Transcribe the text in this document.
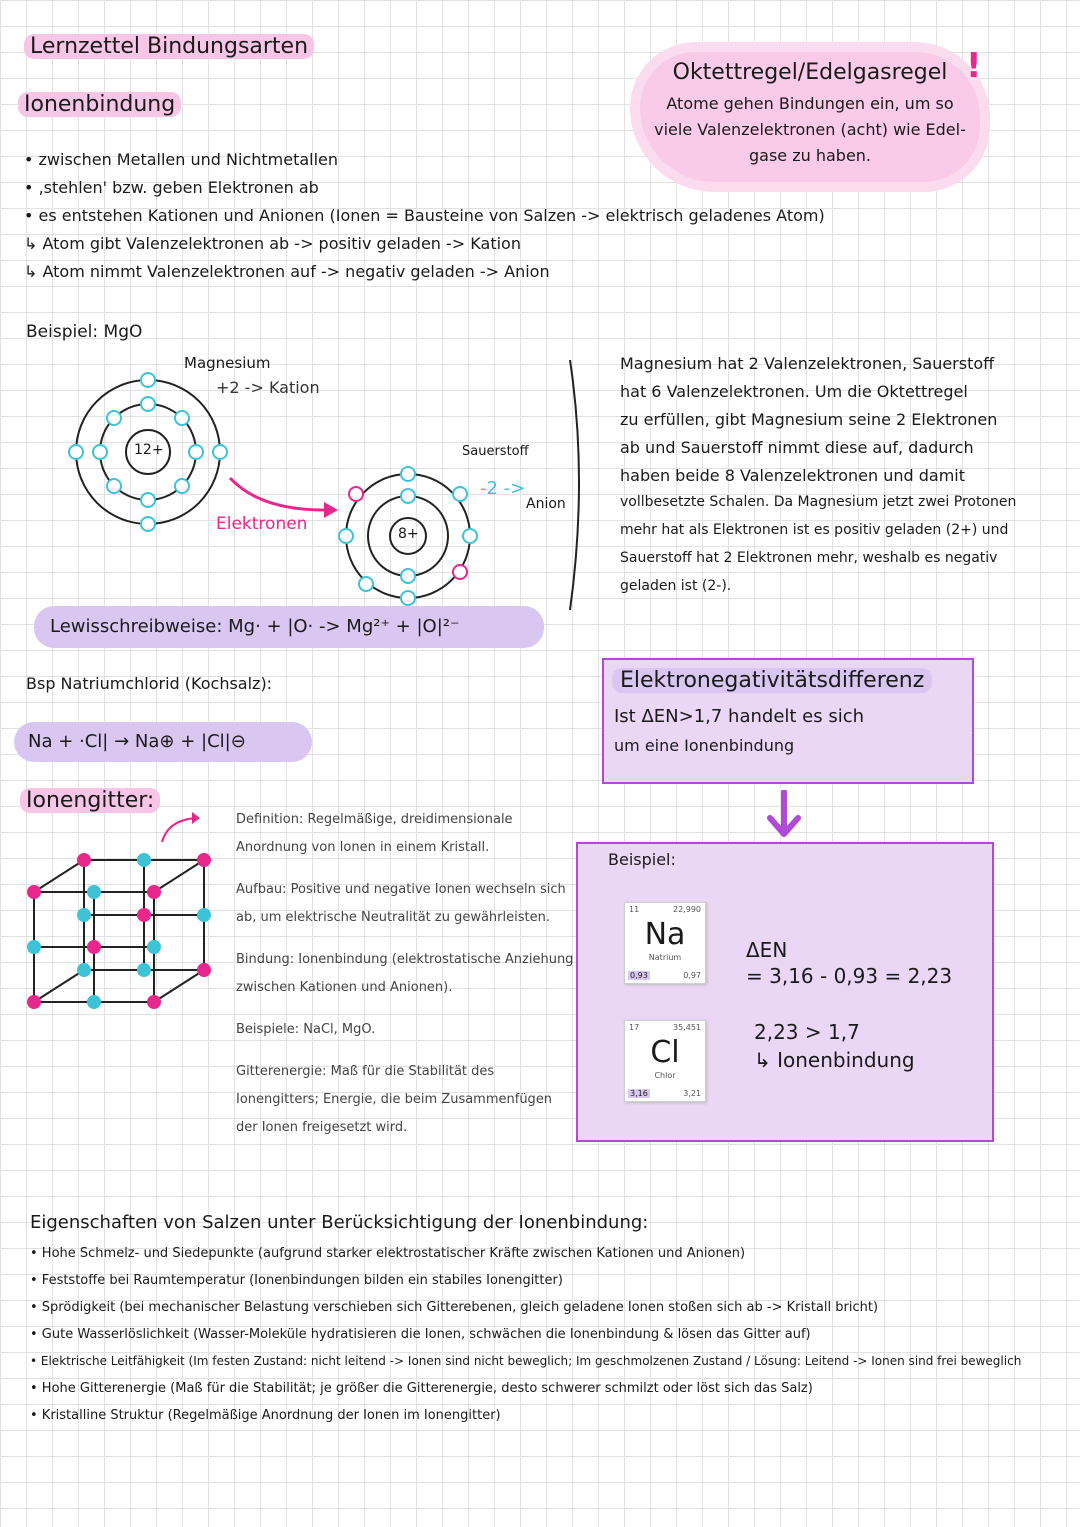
Lernzettel Bindungsarten
Ionenbindung
• zwischen Metallen und Nichtmetallen
• ‚stehlen' bzw. geben Elektronen ab
• es entstehen Kationen und Anionen (Ionen = Bausteine von Salzen -> elektrisch geladenes Atom)
↳ Atom gibt Valenzelektronen ab -> positiv geladen -> Kation
↳ Atom nimmt Valenzelektronen auf -> negativ geladen -> Anion
Oktettregel/Edelgasregel
Atome gehen Bindungen ein, um so
viele Valenzelektronen (acht) wie Edel-
gase zu haben.
!
Beispiel: MgO
Magnesium
+2 -> Kation
12+
8+
Elektronen
Sauerstoff
-2 ->
Anion
Lewisschreibweise: Mg· + |O· -> Mg²⁺ + |O|²⁻
Magnesium hat 2 Valenzelektronen, Sauerstoff
hat 6 Valenzelektronen. Um die Oktettregel
zu erfüllen, gibt Magnesium seine 2 Elektronen
ab und Sauerstoff nimmt diese auf, dadurch
haben beide 8 Valenzelektronen und damit
vollbesetzte Schalen. Da Magnesium jetzt zwei Protonen
mehr hat als Elektronen ist es positiv geladen (2+) und
Sauerstoff hat 2 Elektronen mehr, weshalb es negativ
geladen ist (2-).
Bsp Natriumchlorid (Kochsalz):
Na + ·Cl| → Na⊕ + |Cl|⊖
Elektronegativitätsdifferenz
Ist ΔEN>1,7 handelt es sich
um eine Ionenbindung
Beispiel:
11	22,990
Na
Natrium
0,93	0,97
17	35,451
Cl
Chlor
3,16	3,21
ΔEN
= 3,16 - 0,93 = 2,23
2,23 > 1,7
↳ Ionenbindung
Ionengitter:

Definition: Regelmäßige, dreidimensionale Anordnung von Ionen in einem Kristall.

Aufbau: Positive und negative Ionen wechseln sich ab, um elektrische Neutralität zu gewährleisten.

Bindung: Ionenbindung (elektrostatische Anziehung zwischen Kationen und Anionen).

Beispiele: NaCl, MgO.

Gitterenergie: Maß für die Stabilität des Ionengitters; Energie, die beim Zusammenfügen der Ionen freigesetzt wird.

Eigenschaften von Salzen unter Berücksichtigung der Ionenbindung:
• Hohe Schmelz- und Siedepunkte (aufgrund starker elektrostatischer Kräfte zwischen Kationen und Anionen)
• Feststoffe bei Raumtemperatur (Ionenbindungen bilden ein stabiles Ionengitter)
• Sprödigkeit (bei mechanischer Belastung verschieben sich Gitterebenen, gleich geladene Ionen stoßen sich ab -> Kristall bricht)
• Gute Wasserlöslichkeit (Wasser-Moleküle hydratisieren die Ionen, schwächen die Ionenbindung & lösen das Gitter auf)
• Elektrische Leitfähigkeit (Im festen Zustand: nicht leitend -> Ionen sind nicht beweglich; Im geschmolzenen Zustand / Lösung: Leitend -> Ionen sind frei beweglich
• Hohe Gitterenergie (Maß für die Stabilität; je größer die Gitterenergie, desto schwerer schmilzt oder löst sich das Salz)
• Kristalline Struktur (Regelmäßige Anordnung der Ionen im Ionengitter)
